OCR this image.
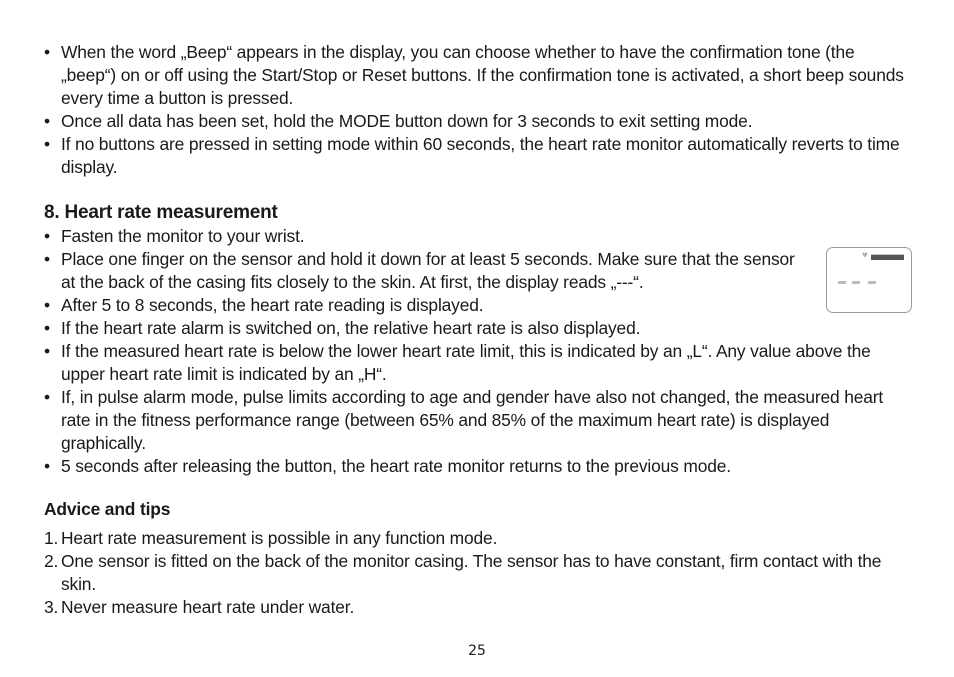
• When the word „Beep“ appears in the display, you can choose whether to have the confirmation tone (the „beep“) on or off using the Start/Stop or Reset buttons. If the confirmation tone is activated, a short beep sounds every time a button is pressed.
• Once all data has been set, hold the MODE button down for 3 seconds to exit setting mode.
• If no buttons are pressed in setting mode within 60 seconds, the heart rate monitor automatically reverts to time display.
8. Heart rate measurement
• Fasten the monitor to your wrist.
• Place one finger on the sensor and hold it down for at least 5 seconds. Make sure that the sensor at the back of the casing fits closely to the skin. At first, the display reads „---“.
• After 5 to 8 seconds, the heart rate reading is displayed.
• If the heart rate alarm is switched on, the relative heart rate is also displayed.
• If the measured heart rate is below the lower heart rate limit, this is indicated by an „L“. Any value above the upper heart rate limit is indicated by an „H“.
• If, in pulse alarm mode, pulse limits according to age and gender have also not changed, the measured heart rate in the fitness performance range (between 65% and 85% of the maximum heart rate) is displayed graphically.
• 5 seconds after releasing the button, the heart rate monitor returns to the previous mode.
♥
Advice and tips
1. Heart rate measurement is possible in any function mode.
2. One sensor is fitted on the back of the monitor casing. The sensor has to have constant, firm contact with the skin.
3. Never measure heart rate under water.
25
